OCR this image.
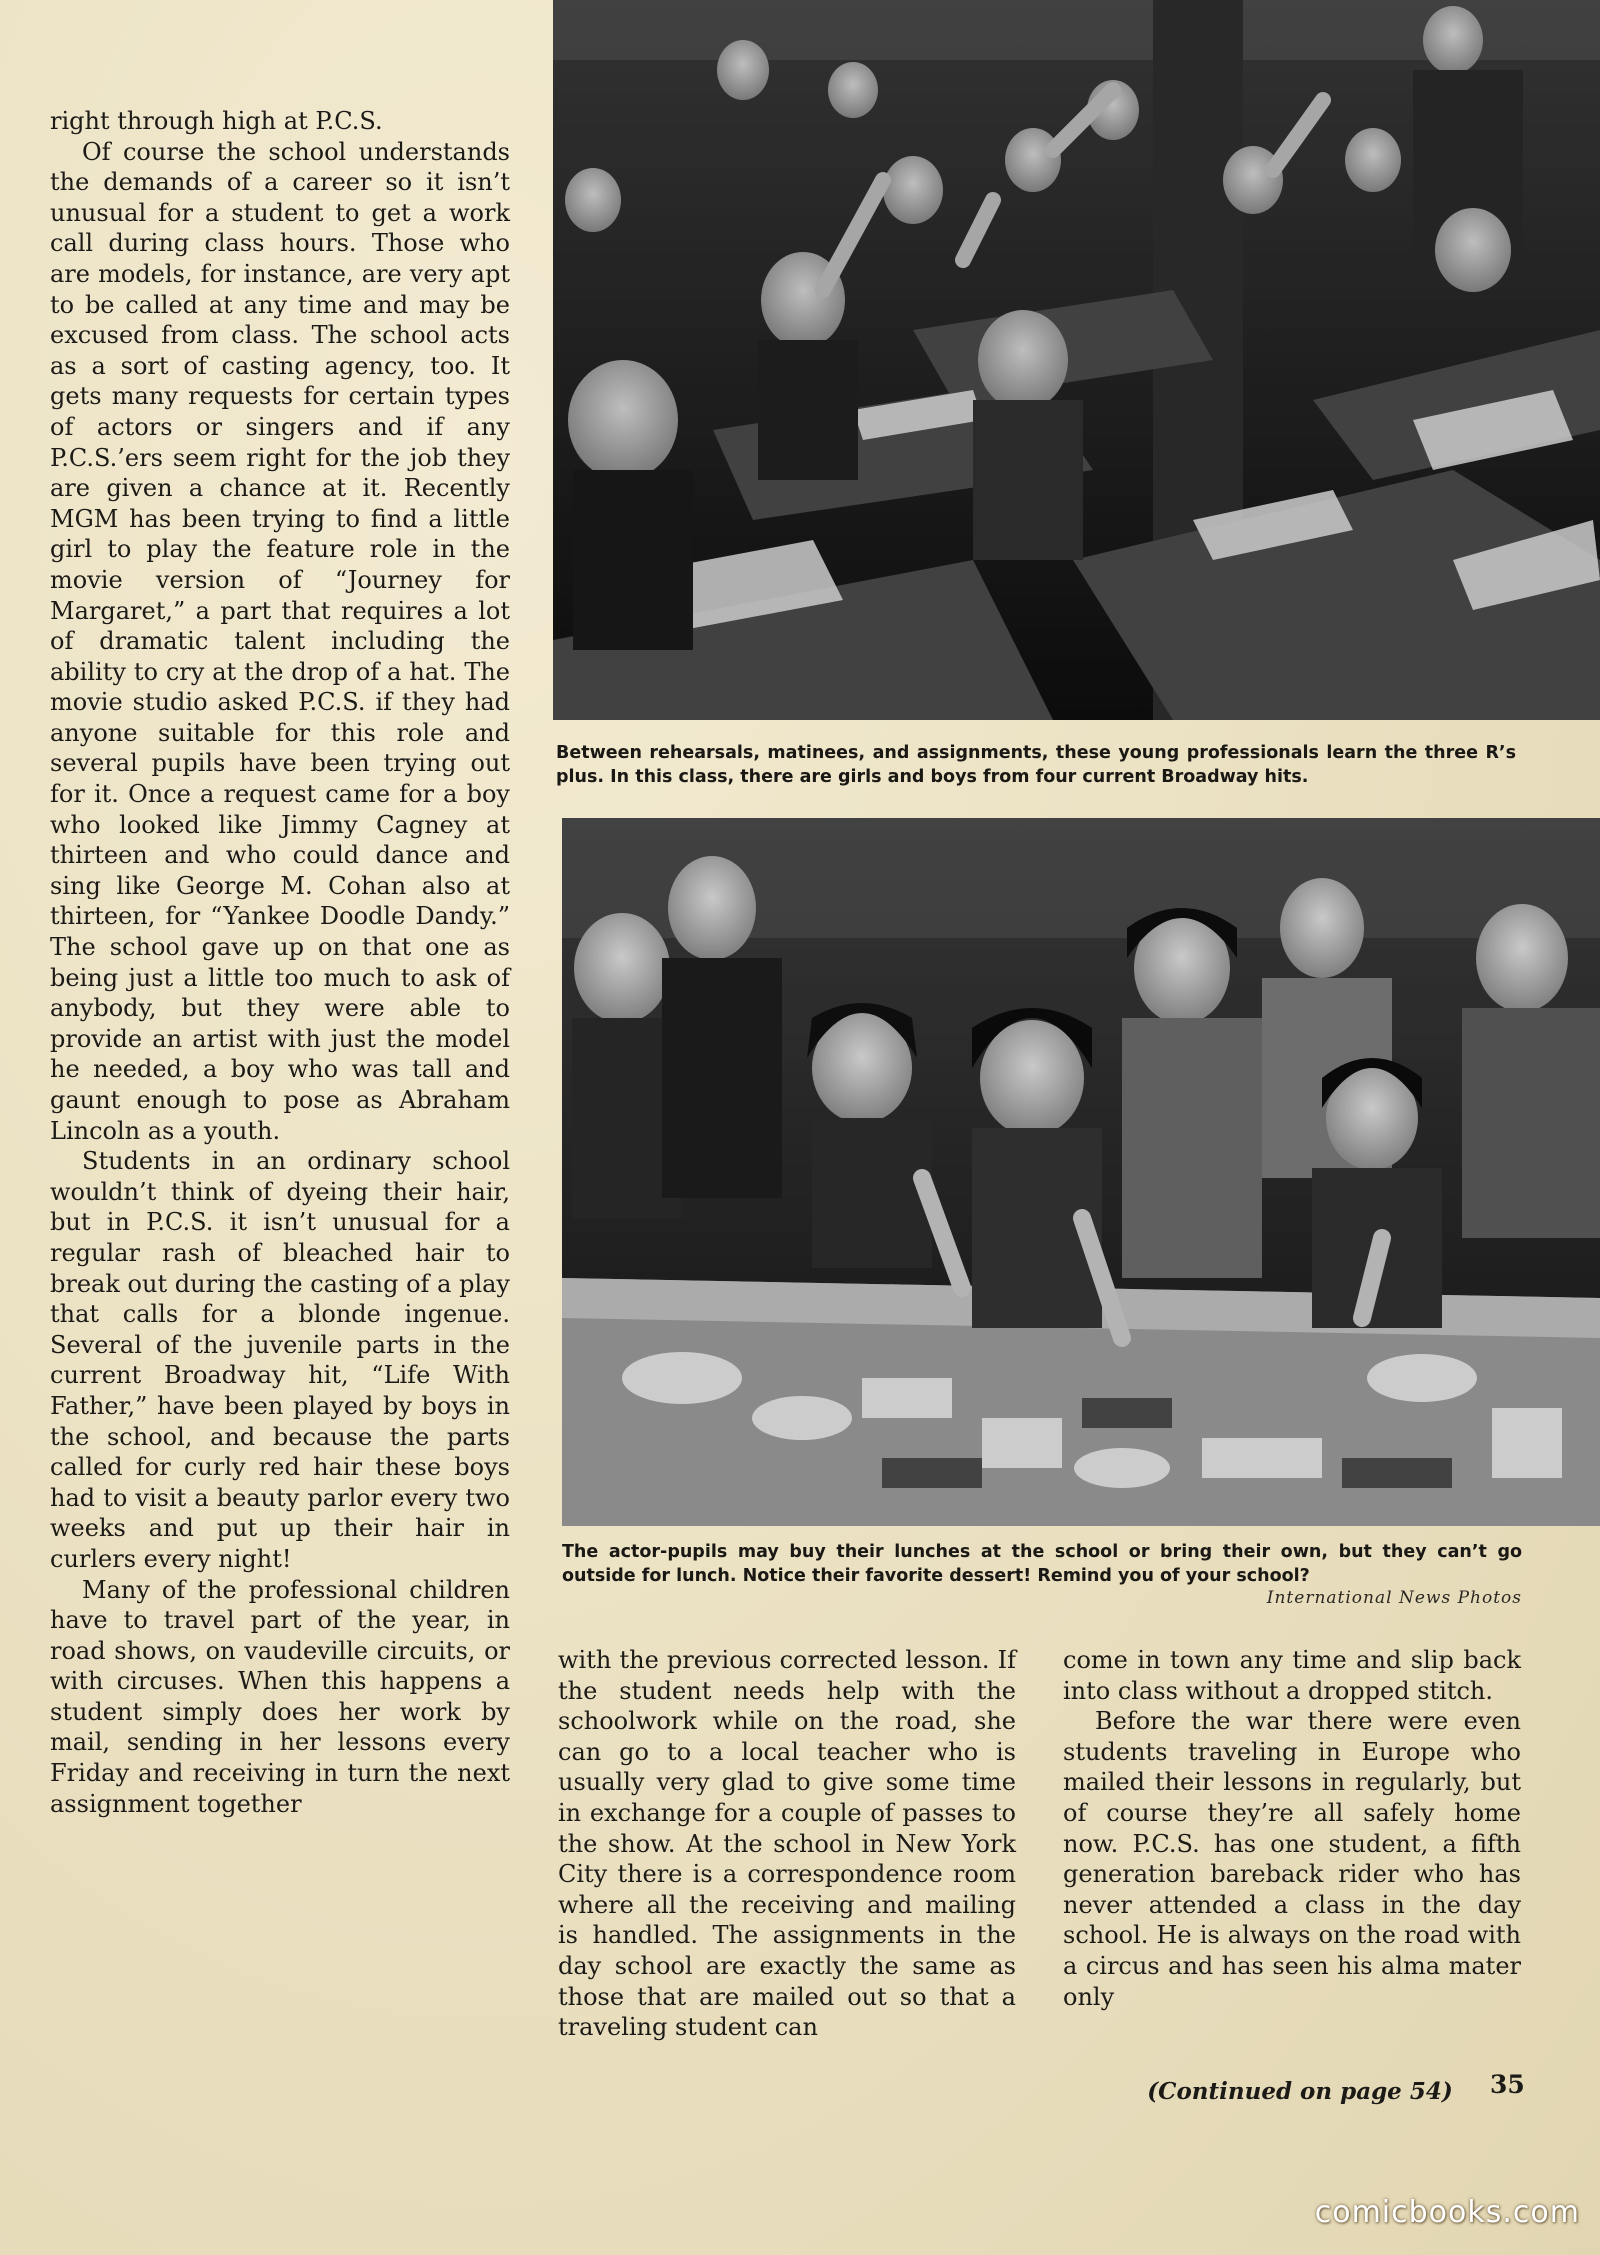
right through high at P.C.S.

Of course the school understands the demands of a career so it isn’t unusual for a student to get a work call during class hours. Those who are models, for instance, are very apt to be called at any time and may be excused from class. The school acts as a sort of casting agency, too. It gets many requests for certain types of actors or singers and if any P.C.S.’ers seem right for the job they are given a chance at it. Recently MGM has been trying to find a little girl to play the feature role in the movie version of “Journey for Margaret,” a part that requires a lot of dramatic talent including the ability to cry at the drop of a hat. The movie studio asked P.C.S. if they had anyone suitable for this role and several pupils have been trying out for it. Once a request came for a boy who looked like Jimmy Cagney at thirteen and who could dance and sing like George M. Cohan also at thirteen, for “Yankee Doodle Dandy.” The school gave up on that one as being just a little too much to ask of anybody, but they were able to provide an artist with just the model he needed, a boy who was tall and gaunt enough to pose as Abraham Lincoln as a youth.

Students in an ordinary school wouldn’t think of dyeing their hair, but in P.C.S. it isn’t unusual for a regular rash of bleached hair to break out during the casting of a play that calls for a blonde ingenue. Several of the juvenile parts in the current Broadway hit, “Life With Father,” have been played by boys in the school, and because the parts called for curly red hair these boys had to visit a beauty parlor every two weeks and put up their hair in curlers every night!

Many of the professional children have to travel part of the year, in road shows, on vaudeville circuits, or with circuses. When this happens a student simply does her work by mail, sending in her lessons every Friday and receiving in turn the next assignment together

Between rehearsals, matinees, and assignments, these young professionals learn the three R’s plus. In this class, there are girls and boys from four current Broadway hits.
The actor-pupils may buy their lunches at the school or bring their own, but they can’t go outside for lunch. Notice their favorite dessert! Remind you of your school?
International News Photos

with the previous corrected lesson. If the student needs help with the schoolwork while on the road, she can go to a local teacher who is usually very glad to give some time in exchange for a couple of passes to the show. At the school in New York City there is a correspondence room where all the receiving and mailing is handled. The assignments in the day school are exactly the same as those that are mailed out so that a traveling student can

come in town any time and slip back into class without a dropped stitch.

Before the war there were even students traveling in Europe who mailed their lessons in regularly, but of course they’re all safely home now. P.C.S. has one student, a fifth generation bareback rider who has never attended a class in the day school. He is always on the road with a circus and has seen his alma mater only

(Continued on page 54)	35
comicbooks.com
